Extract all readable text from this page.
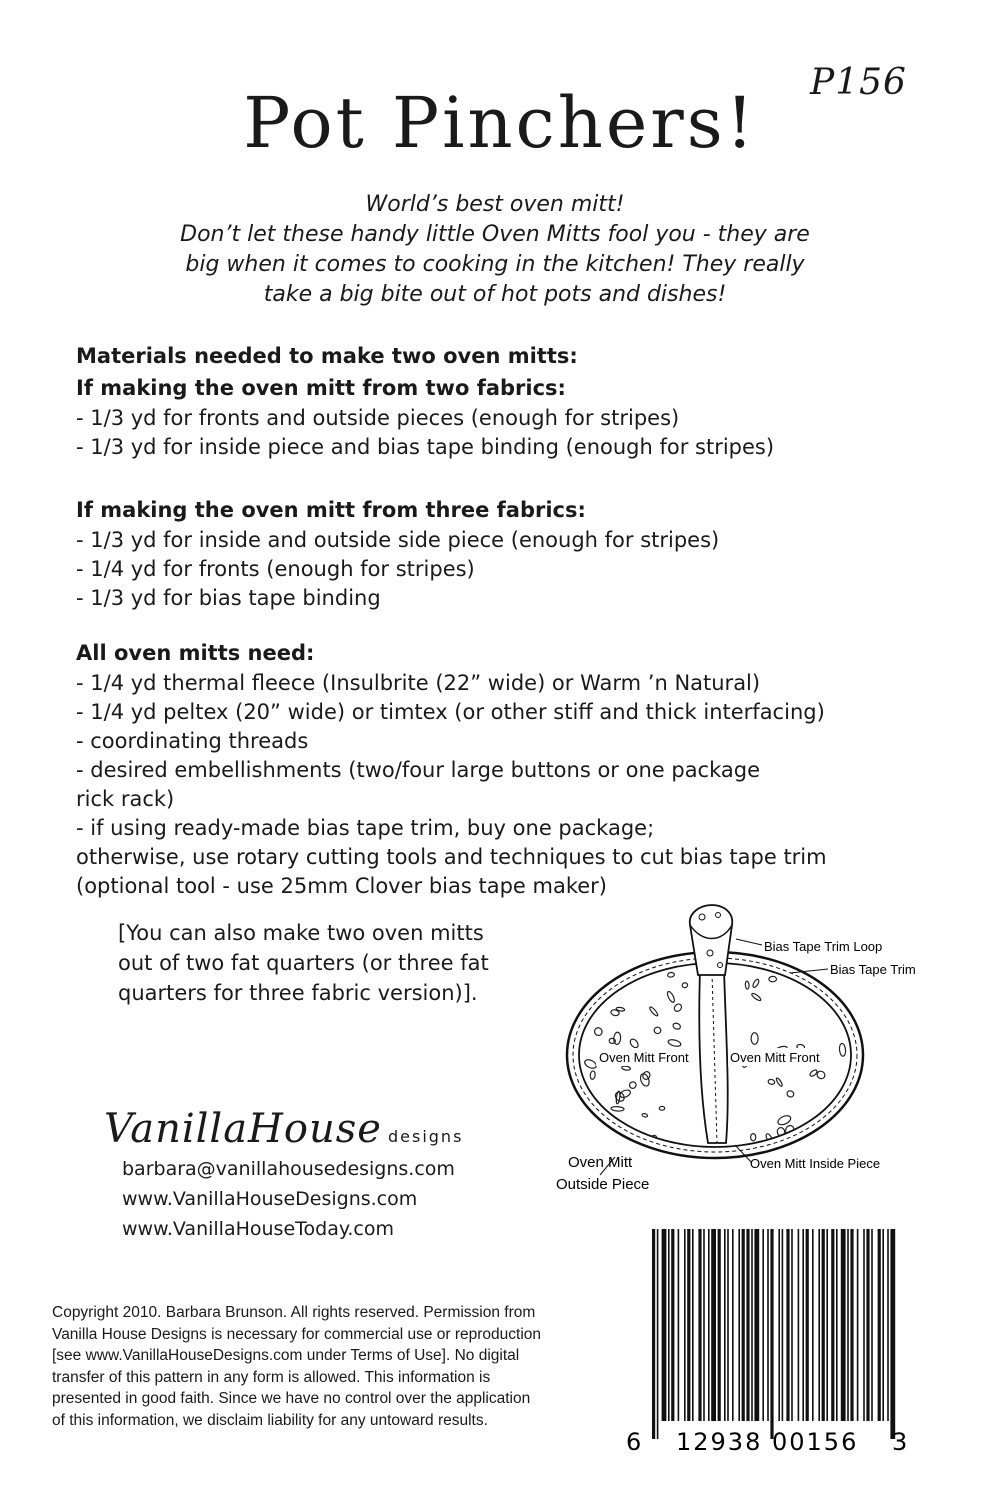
P156
Pot Pinchers!
World’s best oven mitt!
Don’t let these handy little Oven Mitts fool you - they are
big when it comes to cooking in the kitchen! They really
take a big bite out of hot pots and dishes!
Materials needed to make two oven mitts:
If making the oven mitt from two fabrics:
- 1/3 yd for fronts and outside pieces (enough for stripes)
- 1/3 yd for inside piece and bias tape binding (enough for stripes)
If making the oven mitt from three fabrics:
- 1/3 yd for inside and outside side piece (enough for stripes)
- 1/4 yd for fronts (enough for stripes)
- 1/3 yd for bias tape binding
All oven mitts need:
- 1/4 yd thermal fleece (Insulbrite (22” wide) or Warm ’n Natural)
- 1/4 yd peltex (20” wide) or timtex (or other stiff and thick interfacing)
- coordinating threads
- desired embellishments (two/four large buttons or one package
rick rack)
- if using ready-made bias tape trim, buy one package;
otherwise, use rotary cutting tools and techniques to cut bias tape trim
(optional tool - use 25mm Clover bias tape maker)
[You can also make two oven mitts
out of two fat quarters (or three fat
quarters for three fabric version)].
VanillaHouse designs
barbara@vanillahousedesigns.com
www.VanillaHouseDesigns.com
www.VanillaHouseToday.com
Copyright 2010. Barbara Brunson. All rights reserved. Permission from
Vanilla House Designs is necessary for commercial use or reproduction
[see www.VanillaHouseDesigns.com under Terms of Use]. No digital
transfer of this pattern in any form is allowed. This information is
presented in good faith. Since we have no control over the application
of this information, we disclaim liability for any untoward results.
Bias Tape Trim Loop
Bias Tape Trim
Oven Mitt Front	Oven Mitt Front
Oven Mitt
Outside Piece
Oven Mitt Inside Piece
6 12938 00156 3
